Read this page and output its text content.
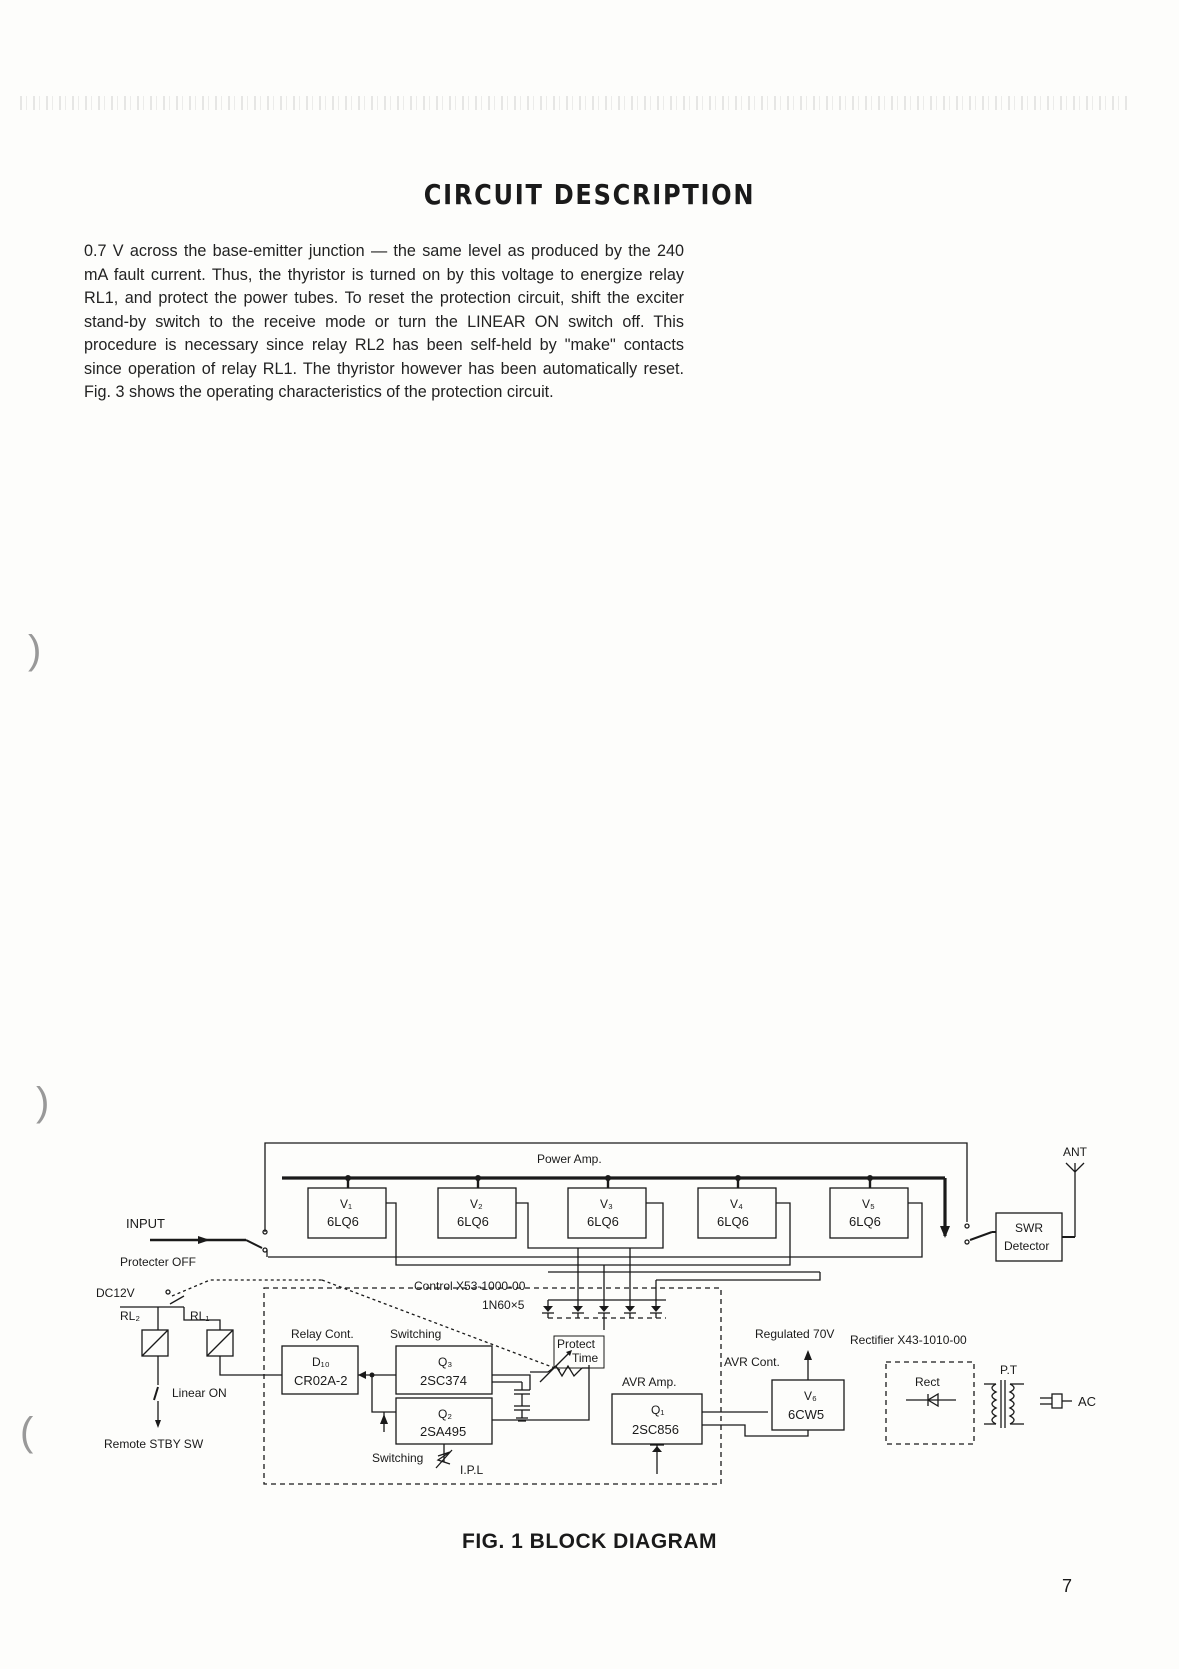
)
)
(
CIRCUIT DESCRIPTION

0.7 V across the base-emitter junction — the same level as produced by the 240 mA fault current. Thus, the thyristor is turned on by this voltage to energize relay RL1, and protect the power tubes. To reset the protection circuit, shift the exciter stand-by switch to the receive mode or turn the LINEAR ON switch off. This procedure is necessary since relay RL2 has been self-held by "make" contacts since operation of relay RL1. The thyristor however has been automatically reset. Fig. 3 shows the operating characteristics of the protection circuit.

Power Amp.
V₁
6LQ6
V₂
6LQ6
V₃
6LQ6
V₄
6LQ6
V₅
6LQ6
INPUT	SWR
Detector
ANT
Protecter OFF
DC12V
RL₂	RL₁
Linear ON
Remote STBY SW
Control X53-1000-00
1N60×5
Relay Cont.	Switching
D₁₀
CR02A-2
Q₃
2SC374
Q₂
2SA495
Switching
I.P.L
Protect
Time
AVR Amp.
Q₁
2SC856
Regulated 70V
AVR Cont.
V₆
6CW5
Rectifier X43-1010-00
Rect
P.T
AC
FIG. 1 BLOCK DIAGRAM
7
